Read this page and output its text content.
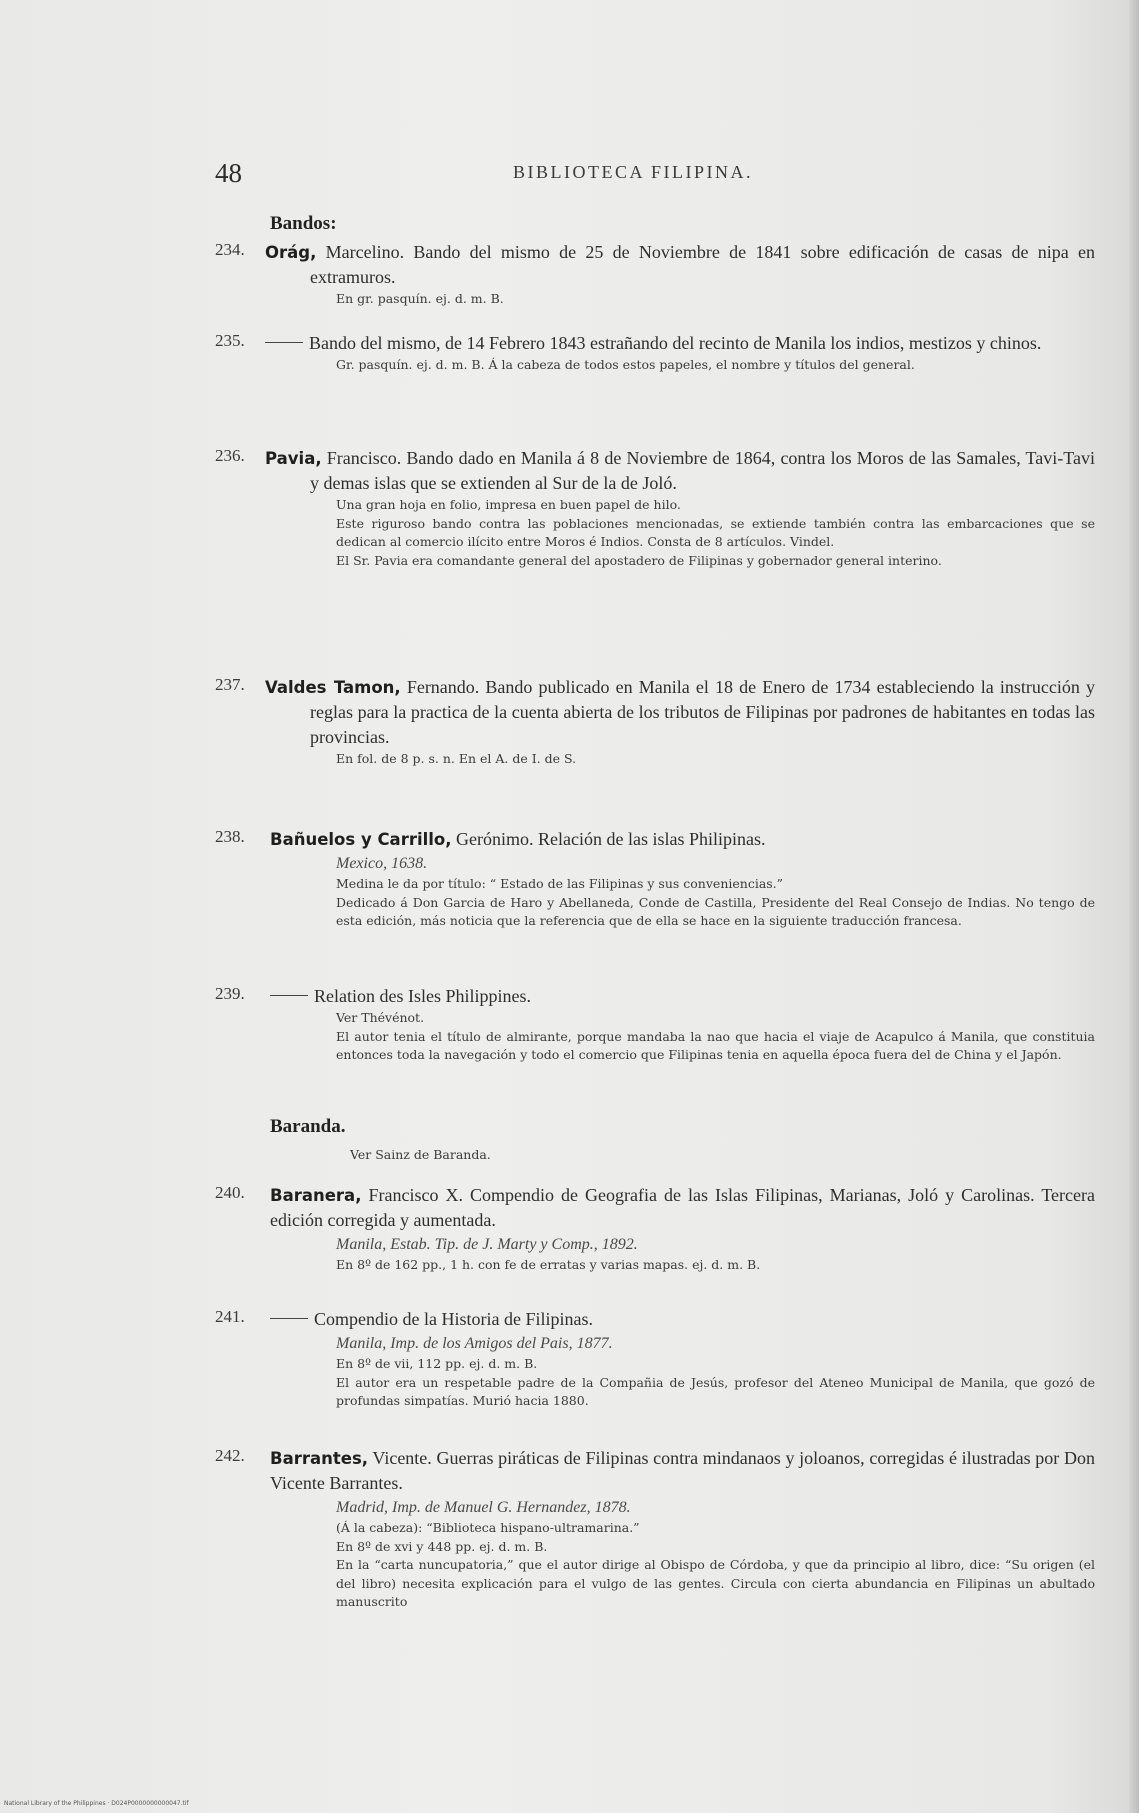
48	BIBLIOTECA FILIPINA.
Bandos:
234. Orág, Marcelino. Bando del mismo de 25 de Noviembre de 1841 sobre edificación de casas de nipa en extramuros.

En gr. pasquín. ej. d. m. B.

235.	Bando del mismo, de 14 Febrero 1843 estrañando del recinto de Manila los indios, mestizos y chinos.

Gr. pasquín. ej. d. m. B. Á la cabeza de todos estos papeles, el nombre y títulos del general.

236. Pavia, Francisco. Bando dado en Manila á 8 de Noviembre de 1864, contra los Moros de las Samales, Tavi-Tavi y demas islas que se extienden al Sur de la de Joló.

Una gran hoja en folio, impresa en buen papel de hilo.

Este riguroso bando contra las poblaciones mencionadas, se extiende también contra las embarcaciones que se dedican al comercio ilícito entre Moros é Indios. Consta de 8 artículos. Vindel.

El Sr. Pavia era comandante general del apostadero de Filipinas y gobernador general interino.

237. Valdes Tamon, Fernando. Bando publicado en Manila el 18 de Enero de 1734 estableciendo la instrucción y reglas para la practica de la cuenta abierta de los tributos de Filipinas por padrones de habitantes en todas las provincias.

En fol. de 8 p. s. n. En el A. de I. de S.

238. Bañuelos y Carrillo, Gerónimo. Relación de las islas Philipinas.

Mexico, 1638.

Medina le da por título: “ Estado de las Filipinas y sus conveniencias.”

Dedicado á Don Garcia de Haro y Abellaneda, Conde de Castilla, Presidente del Real Consejo de Indias. No tengo de esta edición, más noticia que la referencia que de ella se hace en la siguiente traducción francesa.

239.	Relation des Isles Philippines.

Ver Thévénot.

El autor tenia el título de almirante, porque mandaba la nao que hacia el viaje de Acapulco á Manila, que constituia entonces toda la navegación y todo el comercio que Filipinas tenia en aquella época fuera del de China y el Japón.

Baranda.
Ver Sainz de Baranda.
240. Baranera, Francisco X. Compendio de Geografia de las Islas Filipinas, Marianas, Joló y Carolinas. Tercera edición corregida y aumentada.

Manila, Estab. Tip. de J. Marty y Comp., 1892.

En 8º de 162 pp., 1 h. con fe de erratas y varias mapas. ej. d. m. B.

241.	Compendio de la Historia de Filipinas.

Manila, Imp. de los Amigos del Pais, 1877.

En 8º de vii, 112 pp. ej. d. m. B.

El autor era un respetable padre de la Compañia de Jesús, profesor del Ateneo Municipal de Manila, que gozó de profundas simpatías. Murió hacia 1880.

242. Barrantes, Vicente. Guerras piráticas de Filipinas contra mindanaos y joloanos, corregidas é ilustradas por Don Vicente Barrantes.

Madrid, Imp. de Manuel G. Hernandez, 1878.

(Á la cabeza): “Biblioteca hispano-ultramarina.”

En 8º de xvi y 448 pp. ej. d. m. B.

En la “carta nuncupatoria,” que el autor dirige al Obispo de Córdoba, y que da principio al libro, dice: “Su origen (el del libro) necesita explicación para el vulgo de las gentes. Circula con cierta abundancia en Filipinas un abultado manuscrito

National Library of the Philippines · D024P0000000000047.tif
